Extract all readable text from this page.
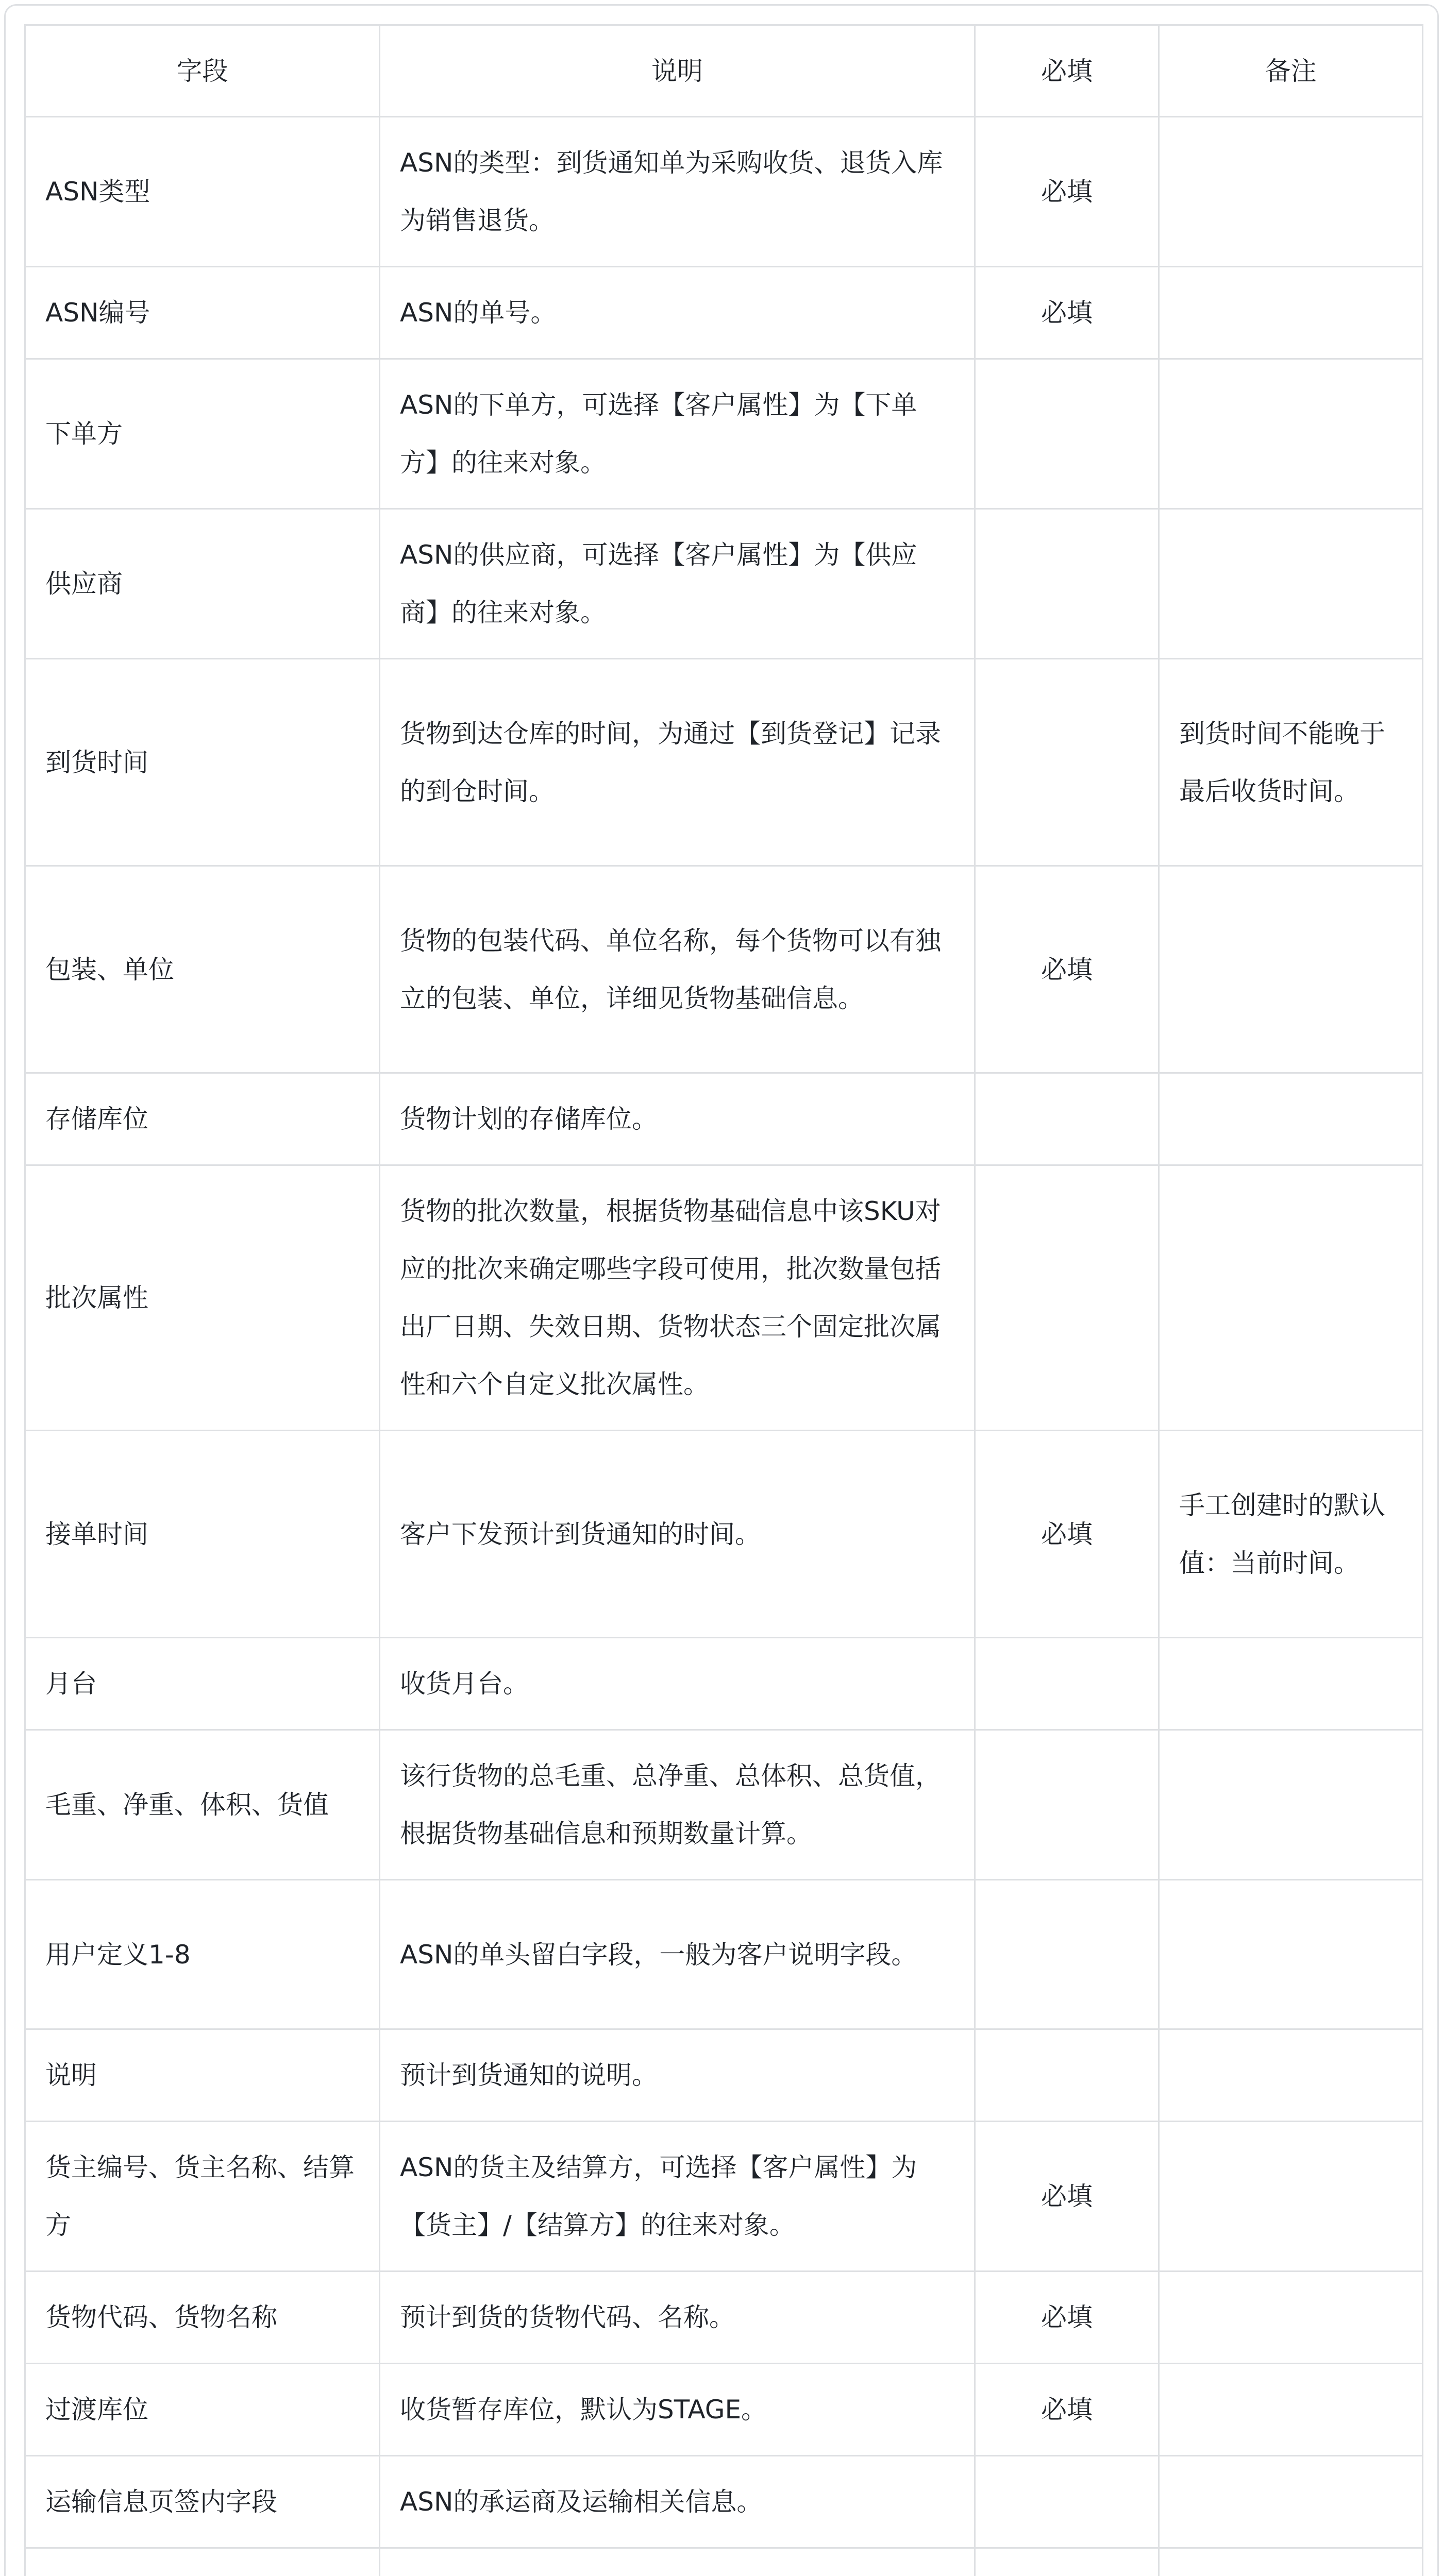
字段	说明	必填	备注
ASN类型	ASN的类型：到货通知单为采购收货、退货入库为销售退货。	必填	
ASN编号	ASN的单号。	必填	
下单方	ASN的下单方，可选择【客户属性】为【下单方】的往来对象。		
供应商	ASN的供应商，可选择【客户属性】为【供应商】的往来对象。		
到货时间	货物到达仓库的时间，为通过【到货登记】记录的到仓时间。		到货时间不能晚于最后收货时间。
包装、单位	货物的包装代码、单位名称，每个货物可以有独立的包装、单位，详细见货物基础信息。	必填	
存储库位	货物计划的存储库位。		
批次属性	货物的批次数量，根据货物基础信息中该SKU对应的批次来确定哪些字段可使用，批次数量包括出厂日期、失效日期、货物状态三个固定批次属性和六个自定义批次属性。		
接单时间	客户下发预计到货通知的时间。	必填	手工创建时的默认值：当前时间。
月台	收货月台。		
毛重、净重、体积、货值	该行货物的总毛重、总净重、总体积、总货值，根据货物基础信息和预期数量计算。		
用户定义1-8	ASN的单头留白字段，一般为客户说明字段。		
说明	预计到货通知的说明。		
货主编号、货主名称、结算方	ASN的货主及结算方，可选择【客户属性】为【货主】/【结算方】的往来对象。	必填	
货物代码、货物名称	预计到货的货物代码、名称。	必填	
过渡库位	收货暂存库位，默认为STAGE。	必填	
运输信息页签内字段	ASN的承运商及运输相关信息。		
